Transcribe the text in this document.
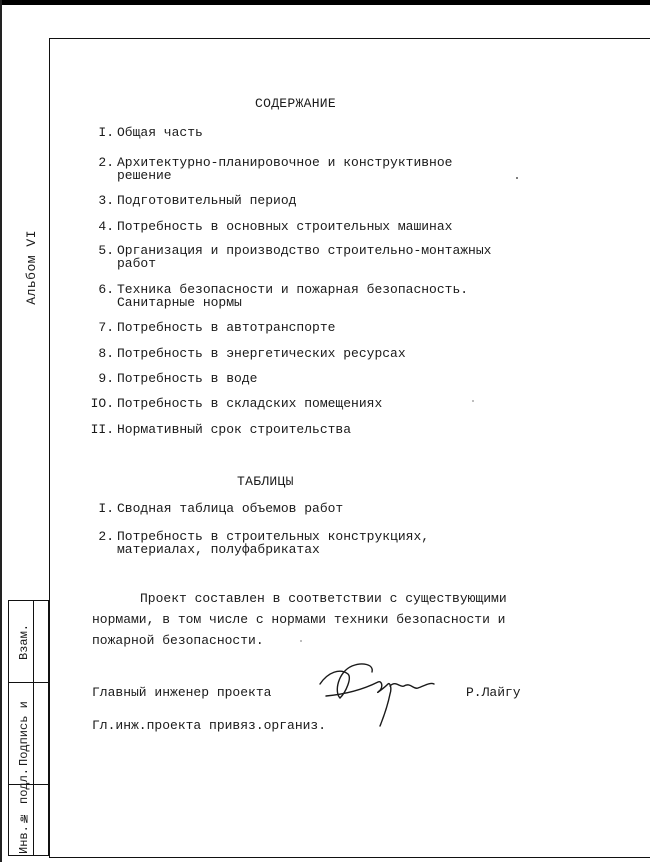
Альбом VI
Взам.
Подпись и
Инв.№ подл.
СОДЕРЖАНИЕ
I. Общая часть
2. Архитектурно-планировочное и конструктивное решение
3. Подготовительный период
4. Потребность в основных строительных машинах
5. Организация и производство строительно-монтажных работ
6. Техника безопасности и пожарная безопасность. Санитарные нормы
7. Потребность в автотранспорте
8. Потребность в энергетических ресурсах
9. Потребность в воде
IO. Потребность в складских помещениях
II. Нормативный срок строительства
ТАБЛИЦЫ
I. Сводная таблица объемов работ
2. Потребность в строительных конструкциях, материалах, полуфабрикатах
Проект составлен в соответствии с существующими нормами, в том числе с нормами техники безопасности и пожарной безопасности.
Главный инженер проекта	Р.Лайгу
Гл.инж.проекта привяз.организ.
